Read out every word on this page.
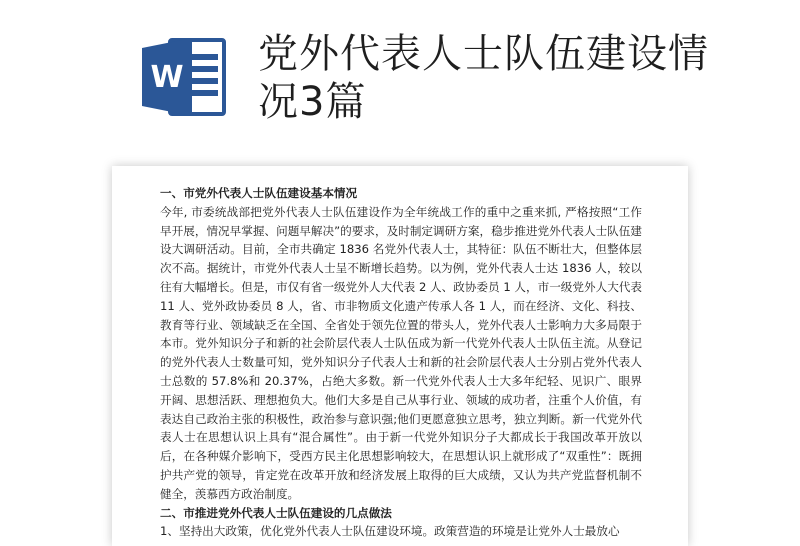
W
党外代表人士队伍建设情况3篇

一、市党外代表人士队伍建设基本情况

今年, 市委统战部把党外代表人士队伍建设作为全年统战工作的重中之重来抓, 严格按照“工作早开展，情况早掌握、问题早解决”的要求，及时制定调研方案，稳步推进党外代表人士队伍建设大调研活动。目前，全市共确定 1836 名党外代表人士，其特征：队伍不断壮大，但整体层次不高。据统计，市党外代表人士呈不断增长趋势。以为例，党外代表人士达 1836 人，较以往有大幅增长。但是，市仅有省一级党外人大代表 2 人、政协委员 1 人，市一级党外人大代表 11 人、党外政协委员 8 人，省、市非物质文化遗产传承人各 1 人，而在经济、文化、科技、教育等行业、领域缺乏在全国、全省处于领先位置的带头人，党外代表人士影响力大多局限于本市。党外知识分子和新的社会阶层代表人士队伍成为新一代党外代表人士队伍主流。从登记的党外代表人士数量可知，党外知识分子代表人士和新的社会阶层代表人士分别占党外代表人士总数的 57.8%和 20.37%，占绝大多数。新一代党外代表人士大多年纪轻、见识广、眼界开阔、思想活跃、理想抱负大。他们大多是自己从事行业、领域的成功者，注重个人价值，有表达自己政治主张的积极性，政治参与意识强;他们更愿意独立思考，独立判断。新一代党外代表人士在思想认识上具有“混合属性”。由于新一代党外知识分子大都成长于我国改革开放以后，在各种媒介影响下，受西方民主化思想影响较大，在思想认识上就形成了“双重性”：既拥护共产党的领导，肯定党在改革开放和经济发展上取得的巨大成绩，又认为共产党监督机制不健全，羡慕西方政治制度。

二、市推进党外代表人士队伍建设的几点做法

1、坚持出大政策，优化党外代表人士队伍建设环境。政策营造的环境是让党外人士最放心
